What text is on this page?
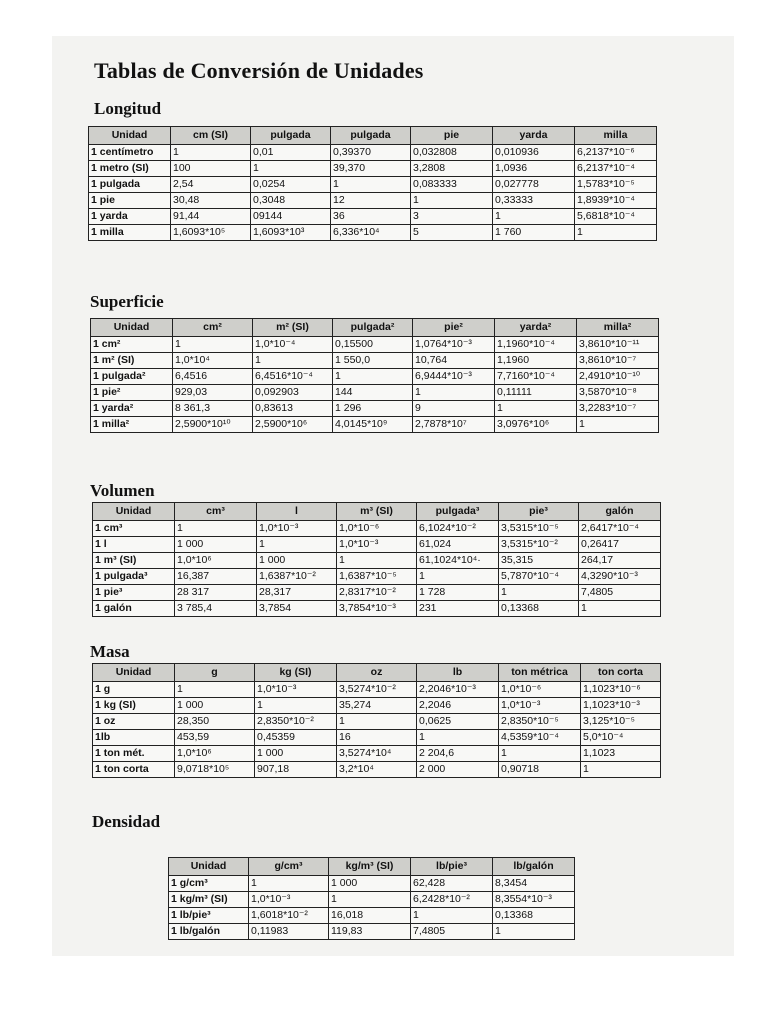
Tablas de Conversión de Unidades
Longitud
Unidad	cm (SI)	pulgada	pulgada	pie	yarda	milla
1 centímetro	1	0,01	0,39370	0,032808	0,010936	6,2137*10⁻⁶
1 metro (SI)	100	1	39,370	3,2808	1,0936	6,2137*10⁻⁴
1 pulgada	2,54	0,0254	1	0,083333	0,027778	1,5783*10⁻⁵
1 pie	30,48	0,3048	12	1	0,33333	1,8939*10⁻⁴
1 yarda	91,44	09144	36	3	1	5,6818*10⁻⁴
1 milla	1,6093*10⁵	1,6093*10³	6,336*10⁴	5	1 760	1
Superficie
Unidad	cm²	m² (SI)	pulgada²	pie²	yarda²	milla²
1 cm²	1	1,0*10⁻⁴	0,15500	1,0764*10⁻³	1,1960*10⁻⁴	3,8610*10⁻¹¹
1 m² (SI)	1,0*10⁴	1	1 550,0	10,764	1,1960	3,8610*10⁻⁷
1 pulgada²	6,4516	6,4516*10⁻⁴	1	6,9444*10⁻³	7,7160*10⁻⁴	2,4910*10⁻¹⁰
1 pie²	929,03	0,092903	144	1	0,11111	3,5870*10⁻⁸
1 yarda²	8 361,3	0,83613	1 296	9	1	3,2283*10⁻⁷
1 milla²	2,5900*10¹⁰	2,5900*10⁶	4,0145*10⁹	2,7878*10⁷	3,0976*10⁶	1
Volumen
Unidad	cm³	l	m³ (SI)	pulgada³	pie³	galón
1 cm³	1	1,0*10⁻³	1,0*10⁻⁶	6,1024*10⁻²	3,5315*10⁻⁵	2,6417*10⁻⁴
1 l	1 000	1	1,0*10⁻³	61,024	3,5315*10⁻²	0,26417
1 m³ (SI)	1,0*10⁶	1 000	1	61,1024*10⁴·	35,315	264,17
1 pulgada³	16,387	1,6387*10⁻²	1,6387*10⁻⁵	1	5,7870*10⁻⁴	4,3290*10⁻³
1 pie³	28 317	28,317	2,8317*10⁻²	1 728	1	7,4805
1 galón	3 785,4	3,7854	3,7854*10⁻³	231	0,13368	1
Masa
Unidad	g	kg (SI)	oz	lb	ton métrica	ton corta
1 g	1	1,0*10⁻³	3,5274*10⁻²	2,2046*10⁻³	1,0*10⁻⁶	1,1023*10⁻⁶
1 kg (SI)	1 000	1	35,274	2,2046	1,0*10⁻³	1,1023*10⁻³
1 oz	28,350	2,8350*10⁻²	1	0,0625	2,8350*10⁻⁵	3,125*10⁻⁵
1lb	453,59	0,45359	16	1	4,5359*10⁻⁴	5,0*10⁻⁴
1 ton mét.	1,0*10⁶	1 000	3,5274*10⁴	2 204,6	1	1,1023
1 ton corta	9,0718*10⁵	907,18	3,2*10⁴	2 000	0,90718	1
Densidad
Unidad	g/cm³	kg/m³ (SI)	lb/pie³	lb/galón
1 g/cm³	1	1 000	62,428	8,3454
1 kg/m³ (SI)	1,0*10⁻³	1	6,2428*10⁻²	8,3554*10⁻³
1 lb/pie³	1,6018*10⁻²	16,018	1	0,13368
1 lb/galón	0,11983	119,83	7,4805	1
